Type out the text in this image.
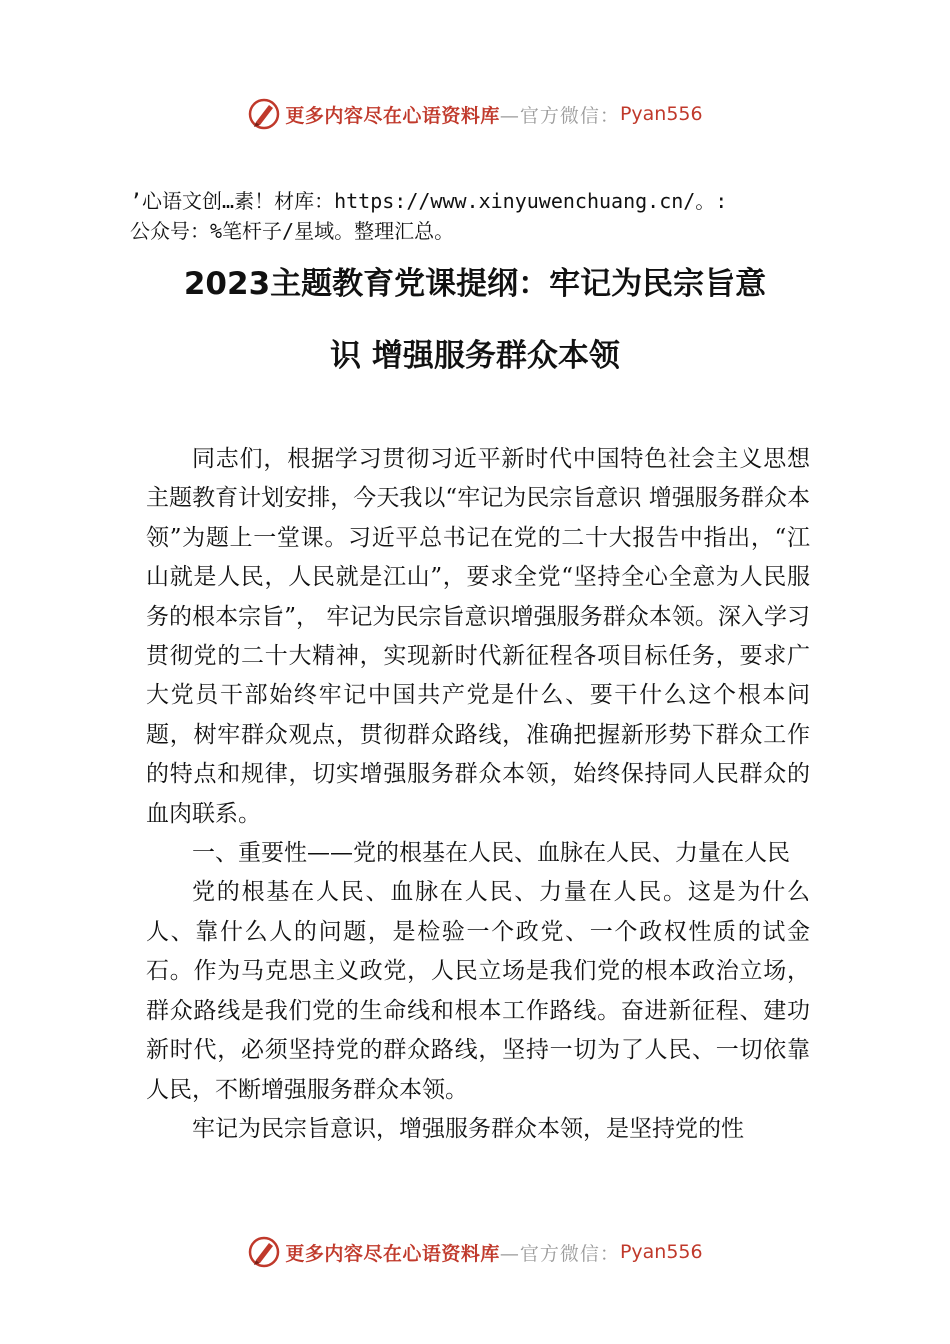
更多内容尽在心语资料库 —官方微信： Pyan556
’心语文创…素！材库：https://www.xinyuwenchuang.cn/。:
公众号：%笔杆子/星域。整理汇总。
2023主题教育党课提纲：牢记为民宗旨意
识 增强服务群众本领

同志们，根据学习贯彻习近平新时代中国特色社会主义思想主题教育计划安排，今天我以“牢记为民宗旨意识 增强服务群众本领”为题上一堂课。习近平总书记在党的二十大报告中指出，“江山就是人民，人民就是江山”，要求全党“坚持全心全意为人民服务的根本宗旨”， 牢记为民宗旨意识增强服务群众本领。深入学习贯彻党的二十大精神，实现新时代新征程各项目标任务，要求广大党员干部始终牢记中国共产党是什么、要干什么这个根本问题，树牢群众观点，贯彻群众路线，准确把握新形势下群众工作的特点和规律，切实增强服务群众本领，始终保持同人民群众的血肉联系。

一、重要性——党的根基在人民、血脉在人民、力量在人民

党的根基在人民、血脉在人民、力量在人民。这是为什么人、靠什么人的问题，是检验一个政党、一个政权性质的试金石。作为马克思主义政党，人民立场是我们党的根本政治立场，群众路线是我们党的生命线和根本工作路线。奋进新征程、建功新时代，必须坚持党的群众路线，坚持一切为了人民、一切依靠人民，不断增强服务群众本领。

牢记为民宗旨意识，增强服务群众本领，是坚持党的性

更多内容尽在心语资料库 —官方微信： Pyan556
